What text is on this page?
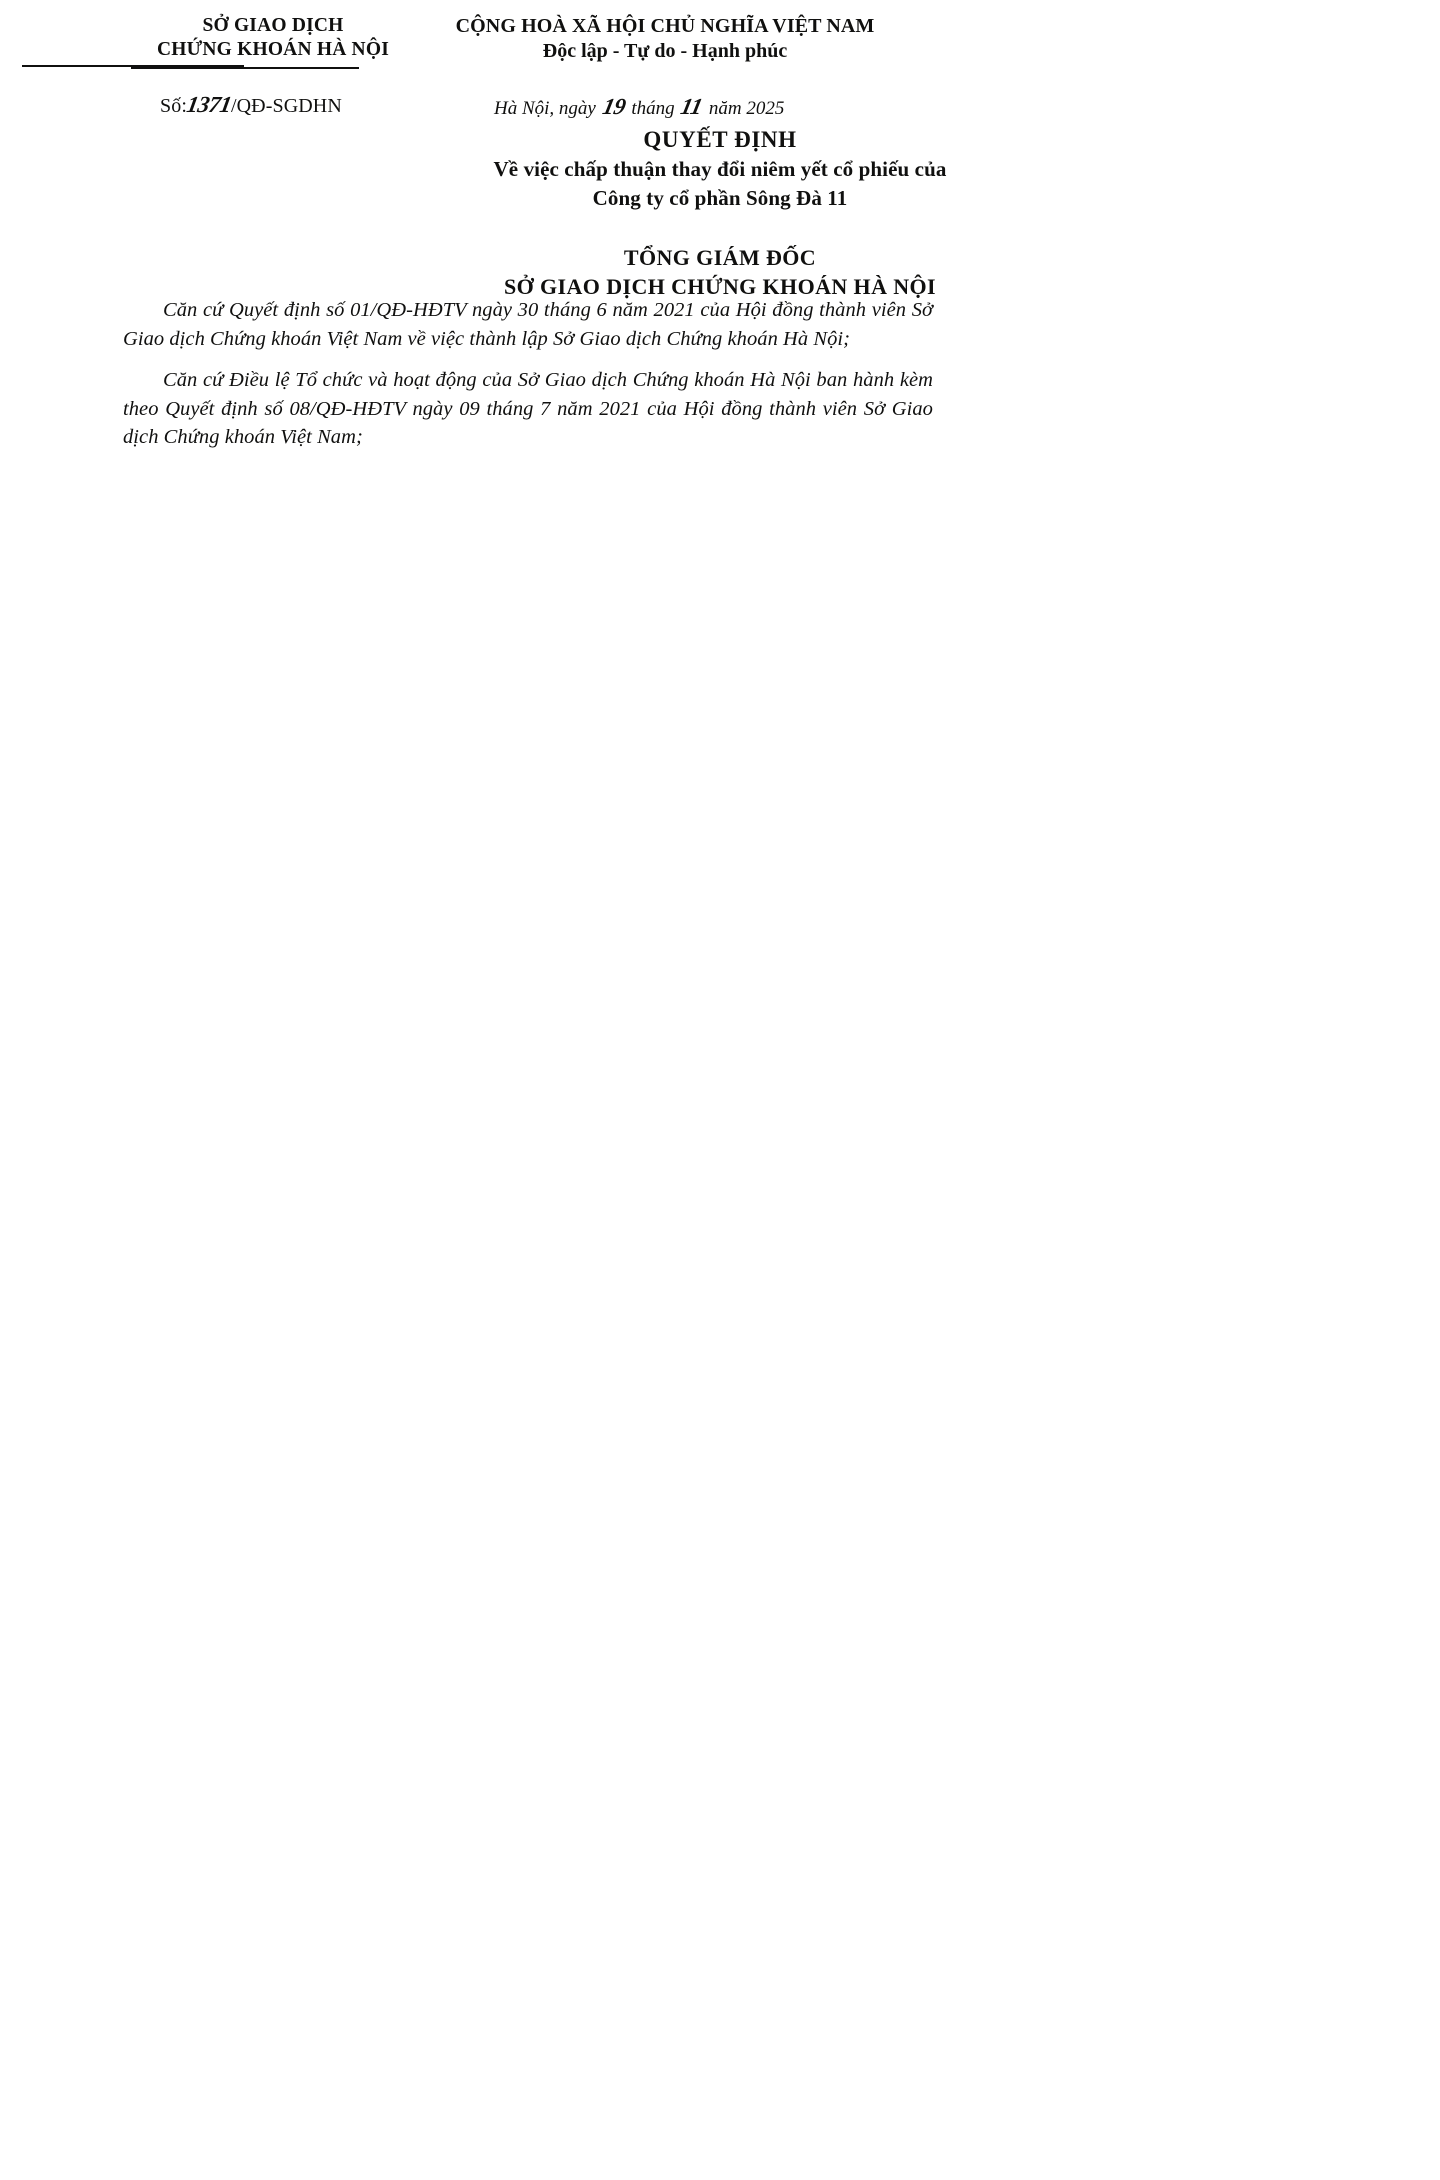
SỞ GIAO DỊCH
CHỨNG KHOÁN HÀ NỘI
Số:1371/QĐ-SGDHN
CỘNG HOÀ XÃ HỘI CHỦ NGHĨA VIỆT NAM
Độc lập - Tự do - Hạnh phúc
Hà Nội, ngày 19 tháng 11 năm 2025
QUYẾT ĐỊNH
Về việc chấp thuận thay đổi niêm yết cổ phiếu của
Công ty cổ phần Sông Đà 11
TỔNG GIÁM ĐỐC
SỞ GIAO DỊCH CHỨNG KHOÁN HÀ NỘI

Căn cứ Quyết định số 01/QĐ-HĐTV ngày 30 tháng 6 năm 2021 của Hội đồng thành viên Sở Giao dịch Chứng khoán Việt Nam về việc thành lập Sở Giao dịch Chứng khoán Hà Nội;

Căn cứ Điều lệ Tổ chức và hoạt động của Sở Giao dịch Chứng khoán Hà Nội ban hành kèm theo Quyết định số 08/QĐ-HĐTV ngày 09 tháng 7 năm 2021 của Hội đồng thành viên Sở Giao dịch Chứng khoán Việt Nam;
